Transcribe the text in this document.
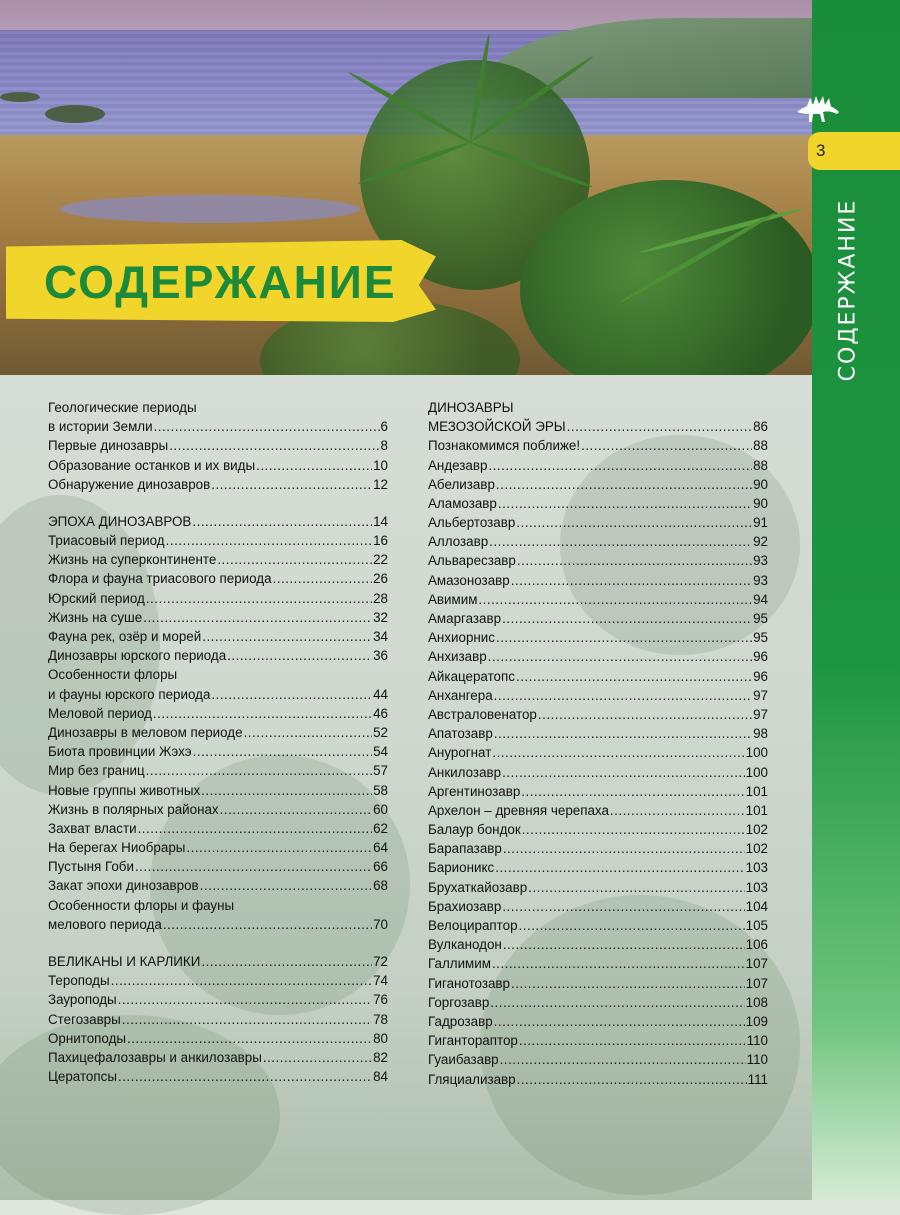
СОДЕРЖАНИЕ
3
СОДЕРЖАНИЕ
Геологические периоды
в истории Земли .....	6
Первые динозавры .....	8
Образование останков и их виды .....	10
Обнаружение динозавров .....	12
ЭПОХА ДИНОЗАВРОВ .....	14
Триасовый период .....	16
Жизнь на суперконтиненте .....	22
Флора и фауна триасового периода .....	26
Юрский период .....	28
Жизнь на суше .....	32
Фауна рек, озёр и морей .....	34
Динозавры юрского периода .....	36
Особенности флоры
и фауны юрского периода .....	44
Меловой период .....	46
Динозавры в меловом периоде .....	52
Биота провинции Жэхэ .....	54
Мир без границ .....	57
Новые группы животных .....	58
Жизнь в полярных районах .....	60
Захват власти .....	62
На берегах Ниобрары .....	64
Пустыня Гоби .....	66
Закат эпохи динозавров .....	68
Особенности флоры и фауны
мелового периода .....	70
ВЕЛИКАНЫ И КАРЛИКИ .....	72
Тероподы .....	74
Зауроподы .....	76
Стегозавры .....	78
Орнитоподы .....	80
Пахицефалозавры и анкилозавры .....	82
Цератопсы .....	84
ДИНОЗАВРЫ
МЕЗОЗОЙСКОЙ ЭРЫ .....	86
Познакомимся поближе! .....	88
Андезавр .....	88
Абелизавр .....	90
Аламозавр .....	90
Альбертозавр .....	91
Аллозавр .....	92
Альваресзавр .....	93
Амазонозавр .....	93
Авимим .....	94
Амаргазавр .....	95
Анхиорнис .....	95
Анхизавр .....	96
Айкацератопс .....	96
Анхангера .....	97
Австраловенатор .....	97
Апатозавр .....	98
Анурогнат .....	100
Анкилозавр .....	100
Аргентинозавр .....	101
Архелон – древняя черепаха .....	101
Балаур бондок .....	102
Барапазавр .....	102
Барионикс .....	103
Брухаткайозавр .....	103
Брахиозавр .....	104
Велоцираптор .....	105
Вулканодон .....	106
Галлимим .....	107
Гиганотозавр .....	107
Горгозавр .....	108
Гадрозавр .....	109
Гигантораптор .....	110
Гуаибазавр .....	110
Гляциализавр .....	111
